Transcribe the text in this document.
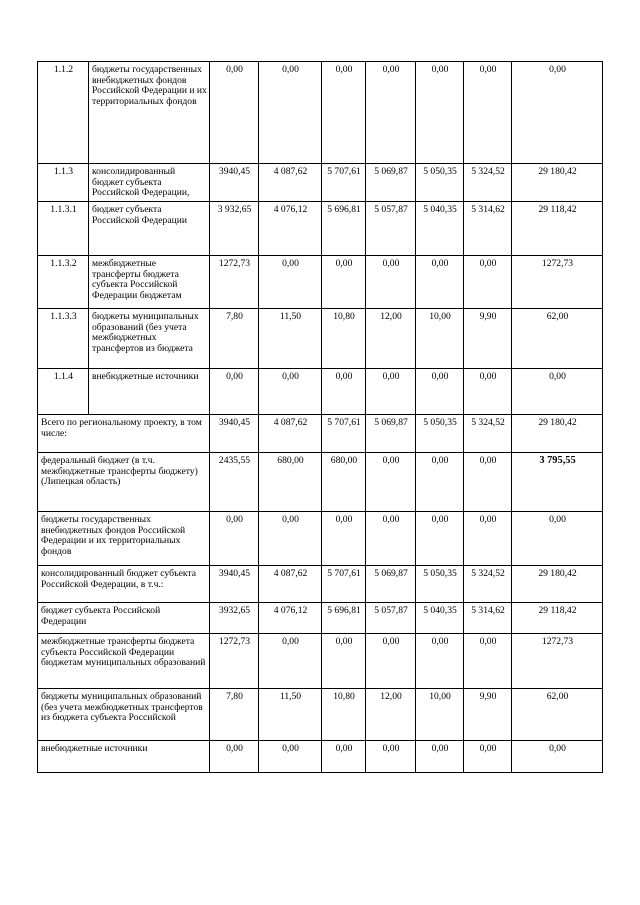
1.1.2	бюджеты государственных внебюджетных фондов Российской Федерации и их территориальных фондов	0,00	0,00	0,00	0,00	0,00	0,00	0,00
1.1.3	консолидированный бюджет субъекта Российской Федерации,	3940,45	4 087,62	5 707,61	5 069,87	5 050,35	5 324,52	29 180,42
1.1.3.1	бюджет субъекта Российской Федерации	3 932,65	4 076,12	5 696,81	5 057,87	5 040,35	5 314,62	29 118,42
1.1.3.2	межбюджетные трансферты бюджета субъекта Российской Федерации бюджетам	1272,73	0,00	0,00	0,00	0,00	0,00	1272,73
1.1.3.3	бюджеты муниципальных образований (без учета межбюджетных трансфертов из бюджета	7,80	11,50	10,80	12,00	10,00	9,90	62,00
1.1.4	внебюджетные источники	0,00	0,00	0,00	0,00	0,00	0,00	0,00
Всего по региональному проекту, в том числе:		3940,45	4 087,62	5 707,61	5 069,87	5 050,35	5 324,52	29 180,42
федеральный бюджет (в т.ч. межбюджетные трансферты бюджету) (Липецкая область)		2435,55	680,00	680,00	0,00	0,00	0,00	3 795,55
бюджеты государственных внебюджетных фондов Российской Федерации и их территориальных фондов		0,00	0,00	0,00	0,00	0,00	0,00	0,00

консолидированный бюджет субъекта Российской Федерации, в т.ч.:		3940,45	4 087,62	5 707,61	5 069,87	5 050,35	5 324,52	29 180,42
бюджет субъекта Российской Федерации		3932,65	4 076,12	5 696,81	5 057,87	5 040,35	5 314,62	29 118,42
межбюджетные трансферты бюджета субъекта Российской Федерации бюджетам муниципальных образований		1272,73	0,00	0,00	0,00	0,00	0,00	1272,73

бюджеты муниципальных образований (без учета межбюджетных трансфертов из бюджета субъекта Российской		7,80	11,50	10,80	12,00	10,00	9,90	62,00
внебюджетные источники		0,00	0,00	0,00	0,00	0,00	0,00	0,00
